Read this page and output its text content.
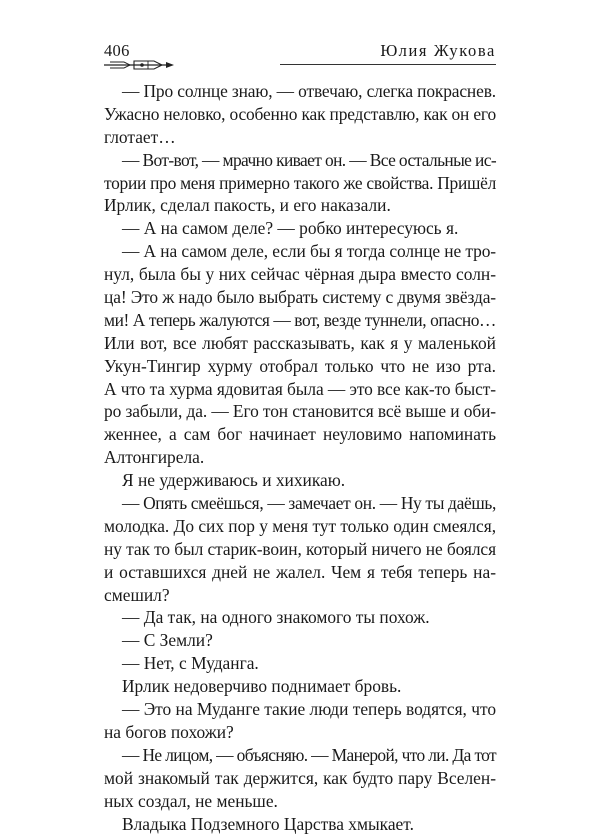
406	Юлия Жукова
— Про солнце знаю, — отвечаю, слегка покраснев.
Ужасно неловко, особенно как представлю, как он его
глотает…
— Вот-вот, — мрачно кивает он. — Все остальные ис-
тории про меня примерно такого же свойства. Пришёл
Ирлик, сделал пакость, и его наказали.
— А на самом деле? — робко интересуюсь я.
— А на самом деле, если бы я тогда солнце не тро-
нул, была бы у них сейчас чёрная дыра вместо солн-
ца! Это ж надо было выбрать систему с двумя звёзда-
ми! А теперь жалуются — вот, везде туннели, опасно…
Или вот, все любят рассказывать, как я у маленькой
Укун-Тингир хурму отобрал только что не изо рта.
А что та хурма ядовитая была — это все как-то быст-
ро забыли, да. — Его тон становится всё выше и оби-
женнее, а сам бог начинает неуловимо напоминать
Алтонгирела.
Я не удерживаюсь и хихикаю.
— Опять смеёшься, — замечает он. — Ну ты даёшь,
молодка. До сих пор у меня тут только один смеялся,
ну так то был старик-воин, который ничего не боялся
и оставшихся дней не жалел. Чем я тебя теперь на-
смешил?
— Да так, на одного знакомого ты похож.
— С Земли?
— Нет, с Муданга.
Ирлик недоверчиво поднимает бровь.
— Это на Муданге такие люди теперь водятся, что
на богов похожи?
— Не лицом, — объясняю. — Манерой, что ли. Да тот
мой знакомый так держится, как будто пару Вселен-
ных создал, не меньше.
Владыка Подземного Царства хмыкает.
